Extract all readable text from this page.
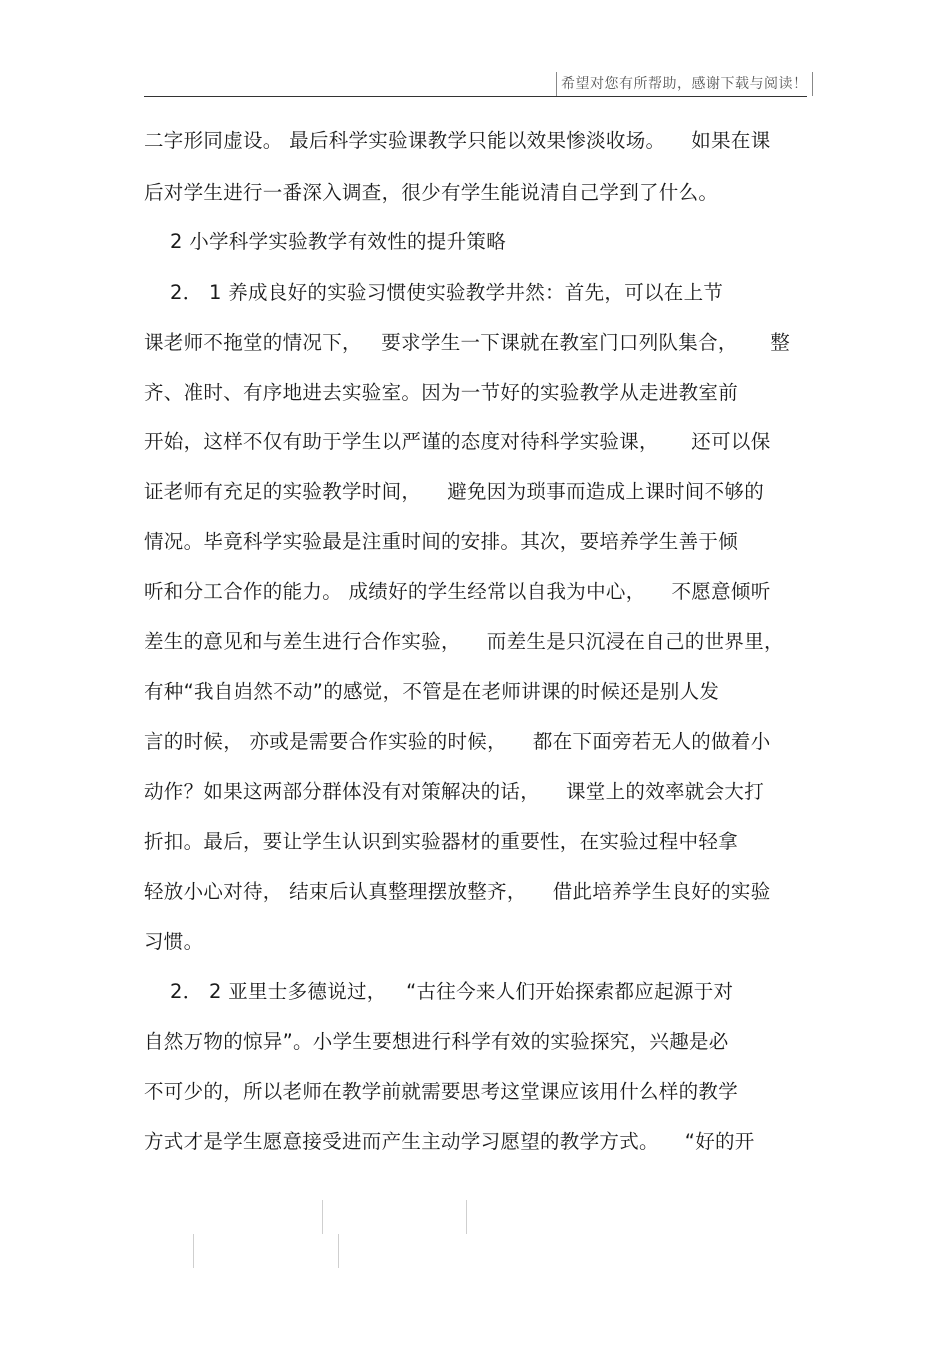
希望对您有所帮助，感谢下载与阅读！
二字形同虚设。 最后科学实验课教学只能以效果惨淡收场。    如果在课
后对学生进行一番深入调查，很少有学生能说清自己学到了什么。
2 小学科学实验教学有效性的提升策略
2． 1 养成良好的实验习惯使实验教学井然：首先，可以在上节
课老师不拖堂的情况下，   要求学生一下课就在教室门口列队集合，     整
齐、准时、有序地进去实验室。因为一节好的实验教学从走进教室前
开始，这样不仅有助于学生以严谨的态度对待科学实验课，     还可以保
证老师有充足的实验教学时间，    避免因为琐事而造成上课时间不够的
情况。毕竟科学实验最是注重时间的安排。其次，要培养学生善于倾
听和分工合作的能力。 成绩好的学生经常以自我为中心，    不愿意倾听
差生的意见和与差生进行合作实验，    而差生是只沉浸在自己的世界里，
有种“我自岿然不动”的感觉，不管是在老师讲课的时候还是别人发
言的时候， 亦或是需要合作实验的时候，    都在下面旁若无人的做着小
动作？如果这两部分群体没有对策解决的话，    课堂上的效率就会大打
折扣。最后，要让学生认识到实验器材的重要性，在实验过程中轻拿
轻放小心对待， 结束后认真整理摆放整齐，    借此培养学生良好的实验
习惯。
2． 2 亚里士多德说过，   “古往今来人们开始探索都应起源于对
自然万物的惊异”。小学生要想进行科学有效的实验探究，兴趣是必
不可少的，所以老师在教学前就需要思考这堂课应该用什么样的教学
方式才是学生愿意接受进而产生主动学习愿望的教学方式。    “好的开
